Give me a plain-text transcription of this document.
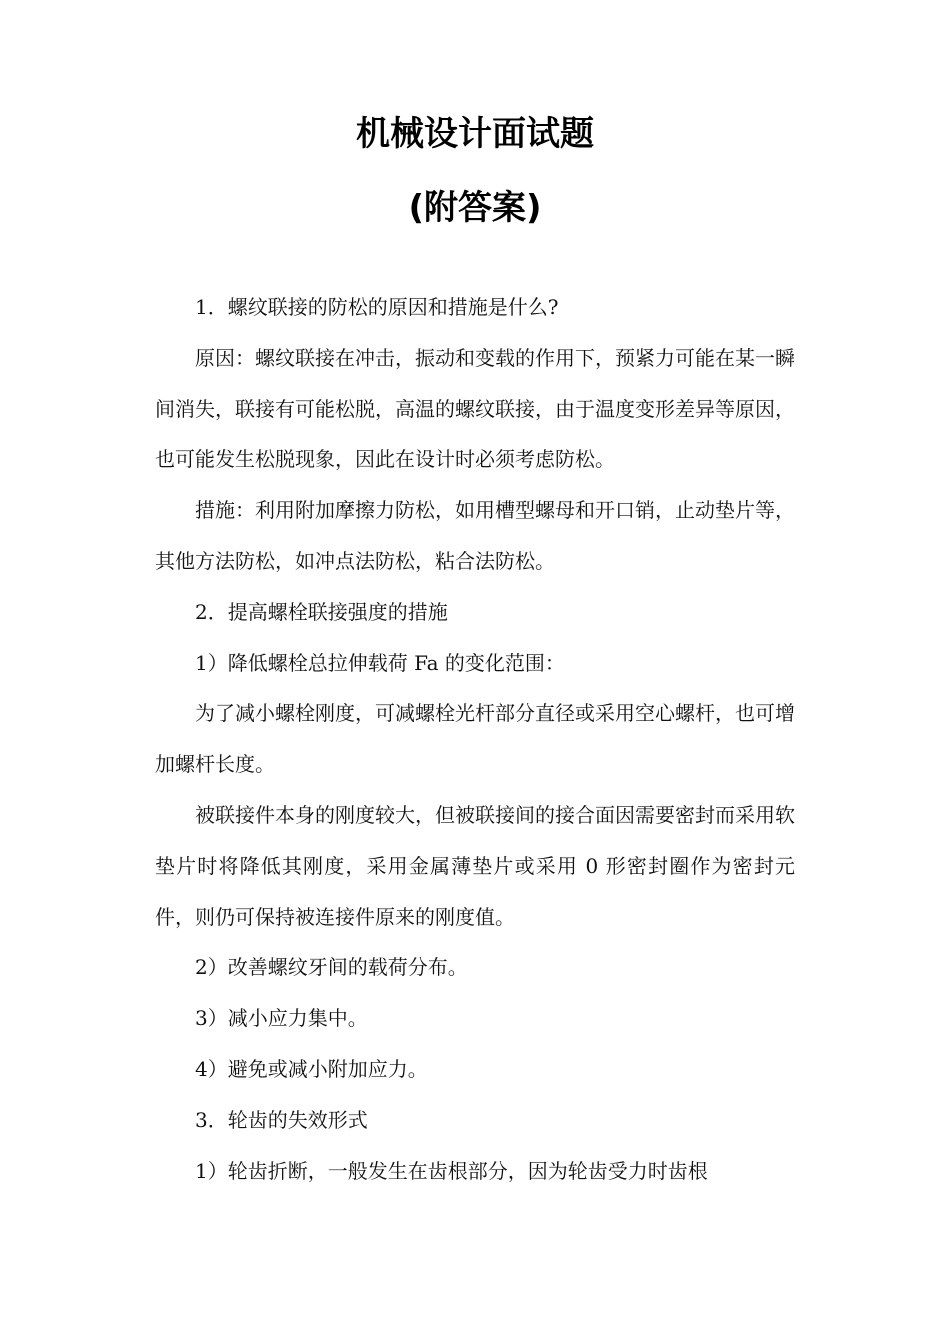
机械设计面试题
(附答案)

1．螺纹联接的防松的原因和措施是什么?

原因：螺纹联接在冲击，振动和变载的作用下，预紧力可能在某一瞬间消失，联接有可能松脱，高温的螺纹联接，由于温度变形差异等原因，也可能发生松脱现象，因此在设计时必须考虑防松。

措施：利用附加摩擦力防松，如用槽型螺母和开口销，止动垫片等，其他方法防松，如冲点法防松，粘合法防松。

2．提高螺栓联接强度的措施

1）降低螺栓总拉伸载荷 Fa 的变化范围：

为了减小螺栓刚度，可减螺栓光杆部分直径或采用空心螺杆，也可增加螺杆长度。

被联接件本身的刚度较大，但被联接间的接合面因需要密封而采用软垫片时将降低其刚度，采用金属薄垫片或采用 0 形密封圈作为密封元件，则仍可保持被连接件原来的刚度值。

2）改善螺纹牙间的载荷分布。

3）减小应力集中。

4）避免或减小附加应力。

3．轮齿的失效形式

1）轮齿折断，一般发生在齿根部分，因为轮齿受力时齿根
